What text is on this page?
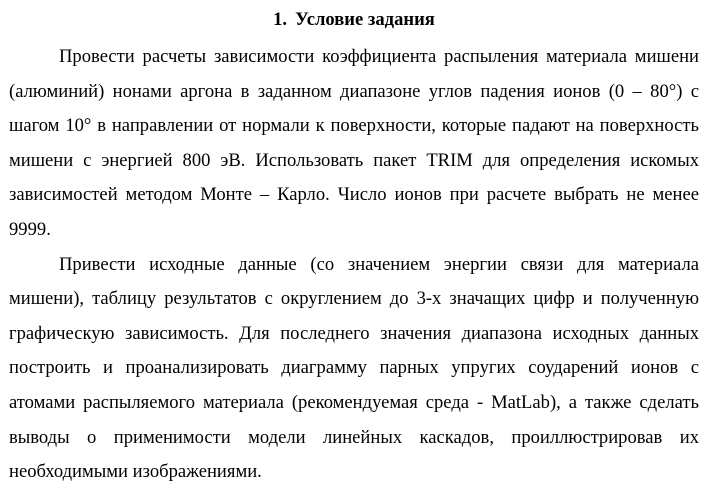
1. Условие задания

Провести расчеты зависимости коэффициента распыления материала мишени (алюминий) нонами аргона в заданном диапазоне углов падения ионов (0 – 80°) с шагом 10° в направлении от нормали к поверхности, которые падают на поверхность мишени с энергией 800 эВ. Использовать пакет TRIM для определения искомых зависимостей методом Монте – Карло. Число ионов при расчете выбрать не менее 9999.

Привести исходные данные (со значением энергии связи для материала мишени), таблицу результатов с округлением до 3-х значащих цифр и полученную графическую зависимость. Для последнего значения диапазона исходных данных построить и проанализировать диаграмму парных упругих соударений ионов с атомами распыляемого материала (рекомендуемая среда - MatLab), а также сделать выводы о применимости модели линейных каскадов, проиллюстрировав их необходимыми изображениями.
